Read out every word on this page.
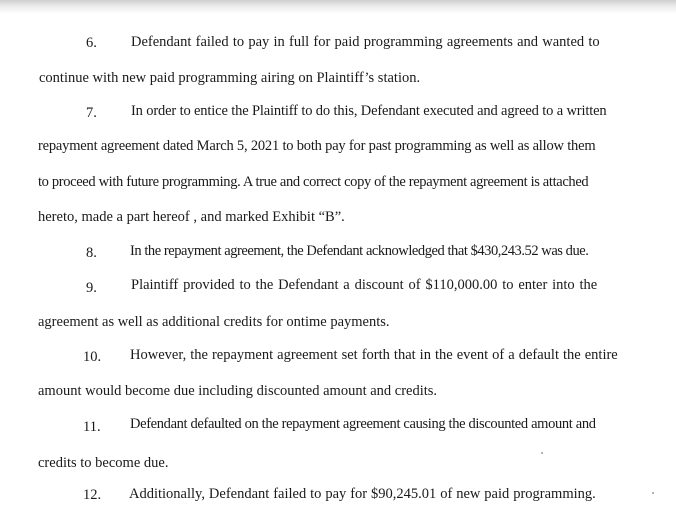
6. Defendant failed to pay in full for paid programming agreements and wanted to
continue with new paid programming airing on Plaintiff’s station.
7. In order to entice the Plaintiff to do this, Defendant executed and agreed to a written
repayment agreement dated March 5, 2021 to both pay for past programming as well as allow them
to proceed with future programming. A true and correct copy of the repayment agreement is attached
hereto, made a part hereof , and marked Exhibit “B”.
8. In the repayment agreement, the Defendant acknowledged that $430,243.52 was due.
9. Plaintiff provided to the Defendant a discount of $110,000.00 to enter into the
agreement as well as additional credits for ontime payments.
10. However, the repayment agreement set forth that in the event of a default the entire
amount would become due including discounted amount and credits.
11. Defendant defaulted on the repayment agreement causing the discounted amount and
credits to become due.
12. Additionally, Defendant failed to pay for $90,245.01 of new paid programming.
